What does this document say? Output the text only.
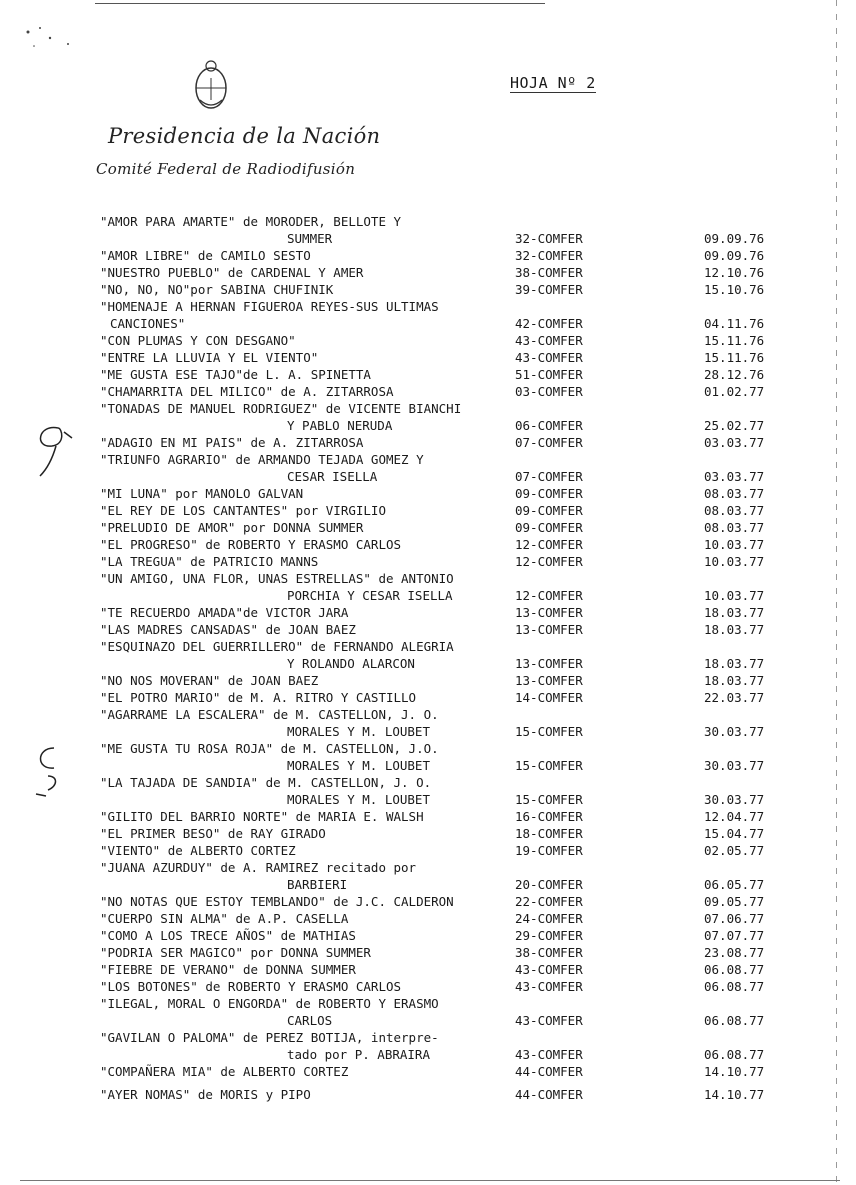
HOJA Nº 2
Presidencia de la Nación
Comité Federal de Radiodifusión
"AMOR PARA AMARTE" de MORODER, BELLOTE Y
SUMMER	32-COMFER	09.09.76
"AMOR LIBRE" de CAMILO SESTO	32-COMFER	09.09.76
"NUESTRO PUEBLO" de CARDENAL Y AMER	38-COMFER	12.10.76
"NO, NO, NO"por SABINA CHUFINIK	39-COMFER	15.10.76
"HOMENAJE A HERNAN FIGUEROA REYES-SUS ULTIMAS
CANCIONES"	42-COMFER	04.11.76
"CON PLUMAS Y CON DESGANO"	43-COMFER	15.11.76
"ENTRE LA LLUVIA Y EL VIENTO"	43-COMFER	15.11.76
"ME GUSTA ESE TAJO"de L. A. SPINETTA	51-COMFER	28.12.76
"CHAMARRITA DEL MILICO" de A. ZITARROSA	03-COMFER	01.02.77
"TONADAS DE MANUEL RODRIGUEZ" de VICENTE BIANCHI
Y PABLO NERUDA	06-COMFER	25.02.77
"ADAGIO EN MI PAIS" de A. ZITARROSA	07-COMFER	03.03.77
"TRIUNFO AGRARIO" de ARMANDO TEJADA GOMEZ Y
CESAR ISELLA	07-COMFER	03.03.77
"MI LUNA" por MANOLO GALVAN	09-COMFER	08.03.77
"EL REY DE LOS CANTANTES" por VIRGILIO	09-COMFER	08.03.77
"PRELUDIO DE AMOR" por DONNA SUMMER	09-COMFER	08.03.77
"EL PROGRESO" de ROBERTO Y ERASMO CARLOS	12-COMFER	10.03.77
"LA TREGUA" de PATRICIO MANNS	12-COMFER	10.03.77
"UN AMIGO, UNA FLOR, UNAS ESTRELLAS" de ANTONIO
PORCHIA Y CESAR ISELLA	12-COMFER	10.03.77
"TE RECUERDO AMADA"de VICTOR JARA	13-COMFER	18.03.77
"LAS MADRES CANSADAS" de JOAN BAEZ	13-COMFER	18.03.77
"ESQUINAZO DEL GUERRILLERO" de FERNANDO ALEGRIA
Y ROLANDO ALARCON	13-COMFER	18.03.77
"NO NOS MOVERAN" de JOAN BAEZ	13-COMFER	18.03.77
"EL POTRO MARIO" de M. A. RITRO Y CASTILLO	14-COMFER	22.03.77
"AGARRAME LA ESCALERA" de M. CASTELLON, J. O.
MORALES Y M. LOUBET	15-COMFER	30.03.77
"ME GUSTA TU ROSA ROJA" de M. CASTELLON, J.O.
MORALES Y M. LOUBET	15-COMFER	30.03.77
"LA TAJADA DE SANDIA" de M. CASTELLON, J. O.
MORALES Y M. LOUBET	15-COMFER	30.03.77
"GILITO DEL BARRIO NORTE" de MARIA E. WALSH	16-COMFER	12.04.77
"EL PRIMER BESO" de RAY GIRADO	18-COMFER	15.04.77
"VIENTO" de ALBERTO CORTEZ	19-COMFER	02.05.77
"JUANA AZURDUY" de A. RAMIREZ recitado por
BARBIERI	20-COMFER	06.05.77
"NO NOTAS QUE ESTOY TEMBLANDO" de J.C. CALDERON	22-COMFER	09.05.77
"CUERPO SIN ALMA" de A.P. CASELLA	24-COMFER	07.06.77
"COMO A LOS TRECE AÑOS" de MATHIAS	29-COMFER	07.07.77
"PODRIA SER MAGICO" por DONNA SUMMER	38-COMFER	23.08.77
"FIEBRE DE VERANO" de DONNA SUMMER	43-COMFER	06.08.77
"LOS BOTONES" de ROBERTO Y ERASMO CARLOS	43-COMFER	06.08.77
"ILEGAL, MORAL O ENGORDA" de ROBERTO Y ERASMO
CARLOS	43-COMFER	06.08.77
"GAVILAN O PALOMA" de PEREZ BOTIJA, interpre-
tado por P. ABRAIRA	43-COMFER	06.08.77
"COMPAÑERA MIA" de ALBERTO CORTEZ	44-COMFER	14.10.77
"AYER NOMAS" de MORIS y PIPO	44-COMFER	14.10.77
